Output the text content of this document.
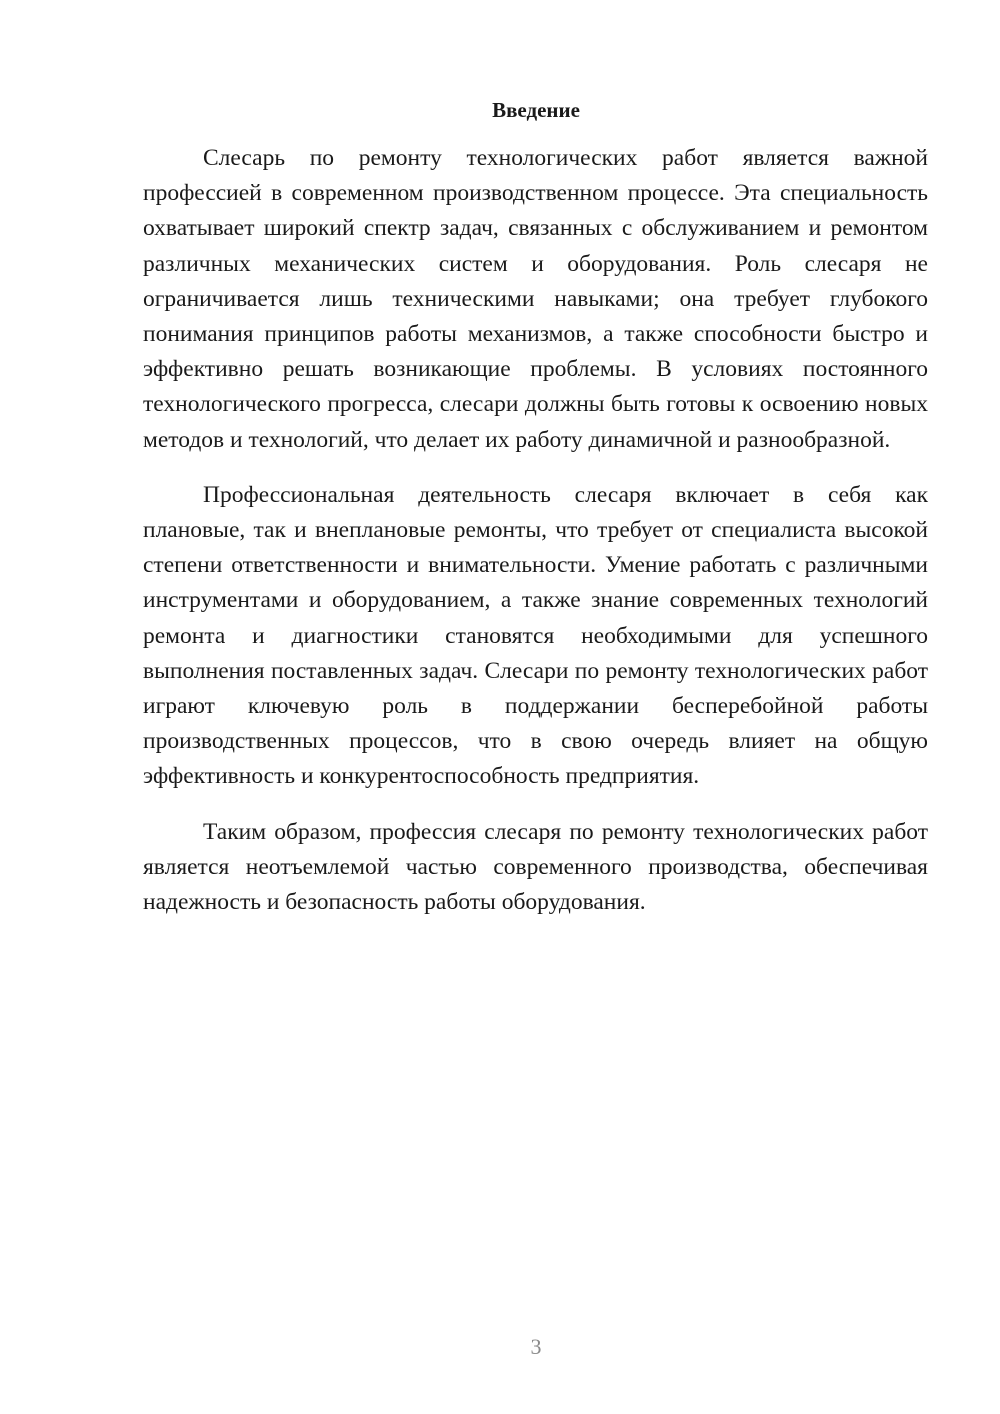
Введение

Слесарь по ремонту технологических работ является важной профессией в современном производственном процессе. Эта специальность охватывает широкий спектр задач, связанных с обслуживанием и ремонтом различных механических систем и оборудования. Роль слесаря не ограничивается лишь техническими навыками; она требует глубокого понимания принципов работы механизмов, а также способности быстро и эффективно решать возникающие проблемы. В условиях постоянного технологического прогресса, слесари должны быть готовы к освоению новых методов и технологий, что делает их работу динамичной и разнообразной.

Профессиональная деятельность слесаря включает в себя как плановые, так и внеплановые ремонты, что требует от специалиста высокой степени ответственности и внимательности. Умение работать с различными инструментами и оборудованием, а также знание современных технологий ремонта и диагностики становятся необходимыми для успешного выполнения поставленных задач. Слесари по ремонту технологических работ играют ключевую роль в поддержании бесперебойной работы производственных процессов, что в свою очередь влияет на общую эффективность и конкурентоспособность предприятия.

Таким образом, профессия слесаря по ремонту технологических работ является неотъемлемой частью современного производства, обеспечивая надежность и безопасность работы оборудования.

3
